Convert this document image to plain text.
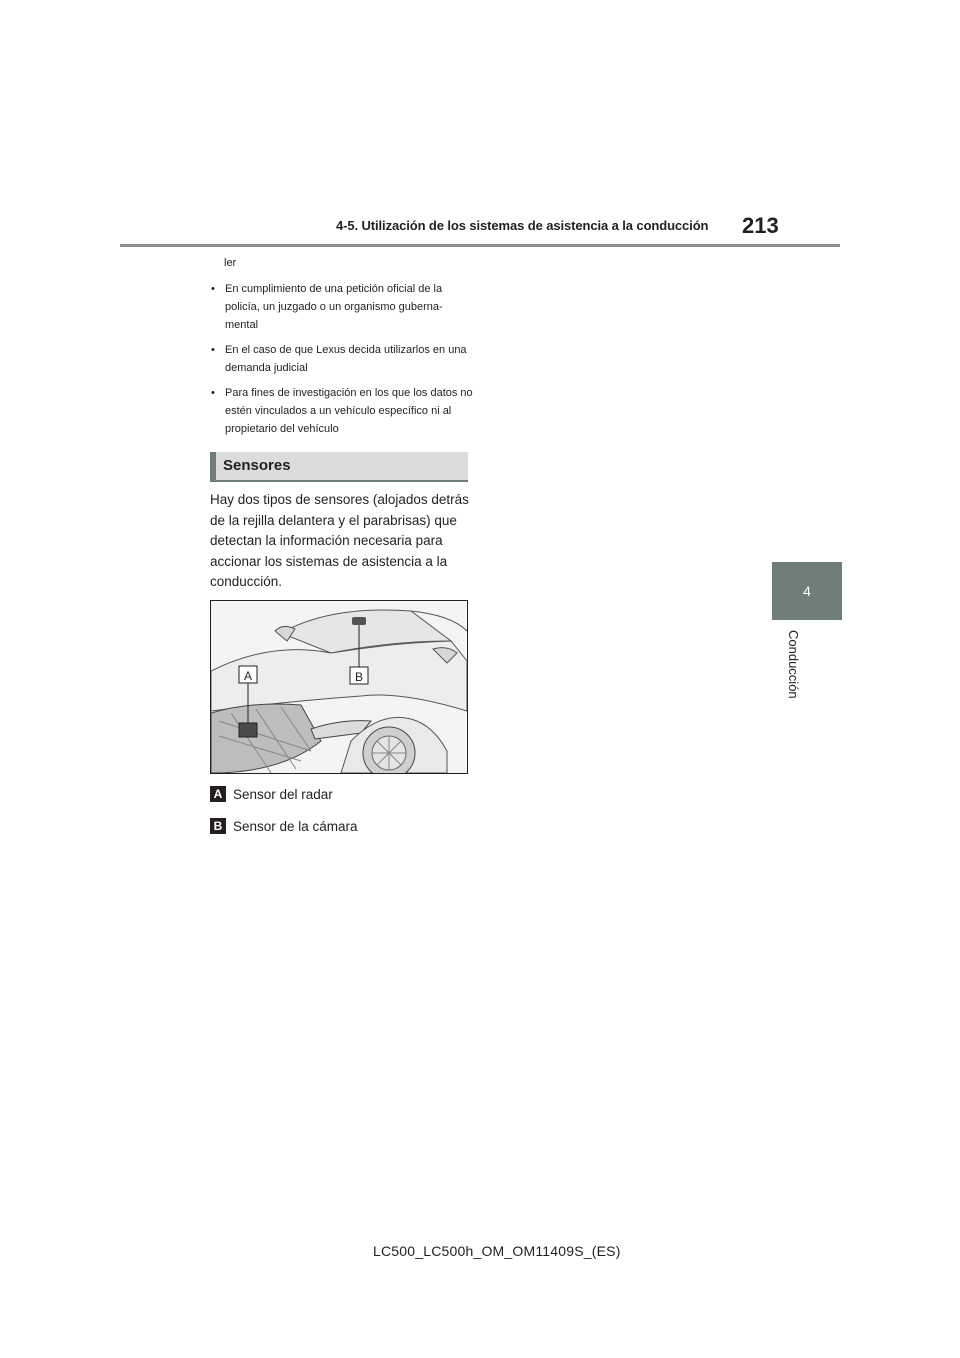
4-5. Utilización de los sistemas de asistencia a la conducción 213
4
Conducción
ler
• En cumplimiento de una petición oficial de la policía, un juzgado o un organismo guberna-mental
• En el caso de que Lexus decida utilizarlos en una demanda judicial
• Para fines de investigación en los que los datos no estén vinculados a un vehículo específico ni al propietario del vehículo
Sensores
Hay dos tipos de sensores (alojados detrás de la rejilla delantera y el parabrisas) que detectan la información necesaria para accionar los sistemas de asistencia a la conducción.
A	B
A Sensor del radar
B Sensor de la cámara
LC500_LC500h_OM_OM11409S_(ES)
